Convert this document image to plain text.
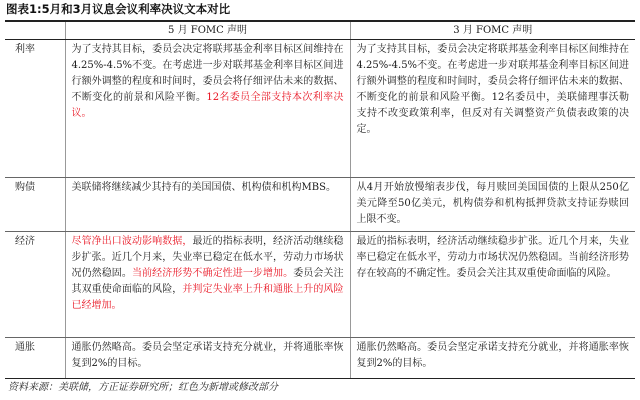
图表1:5月和3月议息会议利率决议文本对比
	5 月 FOMC 声明	3 月 FOMC 声明
利率	为了支持其目标，委员会决定将联邦基金利率目标区间维持在4.25%-4.5%不变。在考虑进一步对联邦基金利率目标区间进行额外调整的程度和时间时，委员会将仔细评估未来的数据、不断变化的前景和风险平衡。12名委员全部支持本次利率决议。	为了支持其目标，委员会决定将联邦基金利率目标区间维持在4.25%-4.5%不变。在考虑进一步对联邦基金利率目标区间进行额外调整的程度和时间时，委员会将仔细评估未来的数据、不断变化的前景和风险平衡。12名委员中，美联储理事沃勒支持不改变政策利率，但反对有关调整资产负债表政策的决定。
购债	美联储将继续减少其持有的美国国债、机构债和机构MBS。	从4月开始放慢缩表步伐，每月赎回美国国债的上限从250亿美元降至50亿美元，机构债券和机构抵押贷款支持证券赎回上限不变。
经济	尽管净出口波动影响数据，最近的指标表明，经济活动继续稳步扩张。近几个月来，失业率已稳定在低水平，劳动力市场状况仍然稳固。当前经济形势不确定性进一步增加。委员会关注其双重使命面临的风险，并判定失业率上升和通胀上升的风险已经增加。	最近的指标表明，经济活动继续稳步扩张。近几个月来，失业率已稳定在低水平，劳动力市场状况仍然稳固。当前经济形势存在较高的不确定性。委员会关注其双重使命面临的风险。
通胀	通胀仍然略高。委员会坚定承诺支持充分就业，并将通胀率恢复到2%的目标。	通胀仍然略高。委员会坚定承诺支持充分就业，并将通胀率恢复到2%的目标。
资料来源：美联储，方正证券研究所；红色为新增或修改部分
